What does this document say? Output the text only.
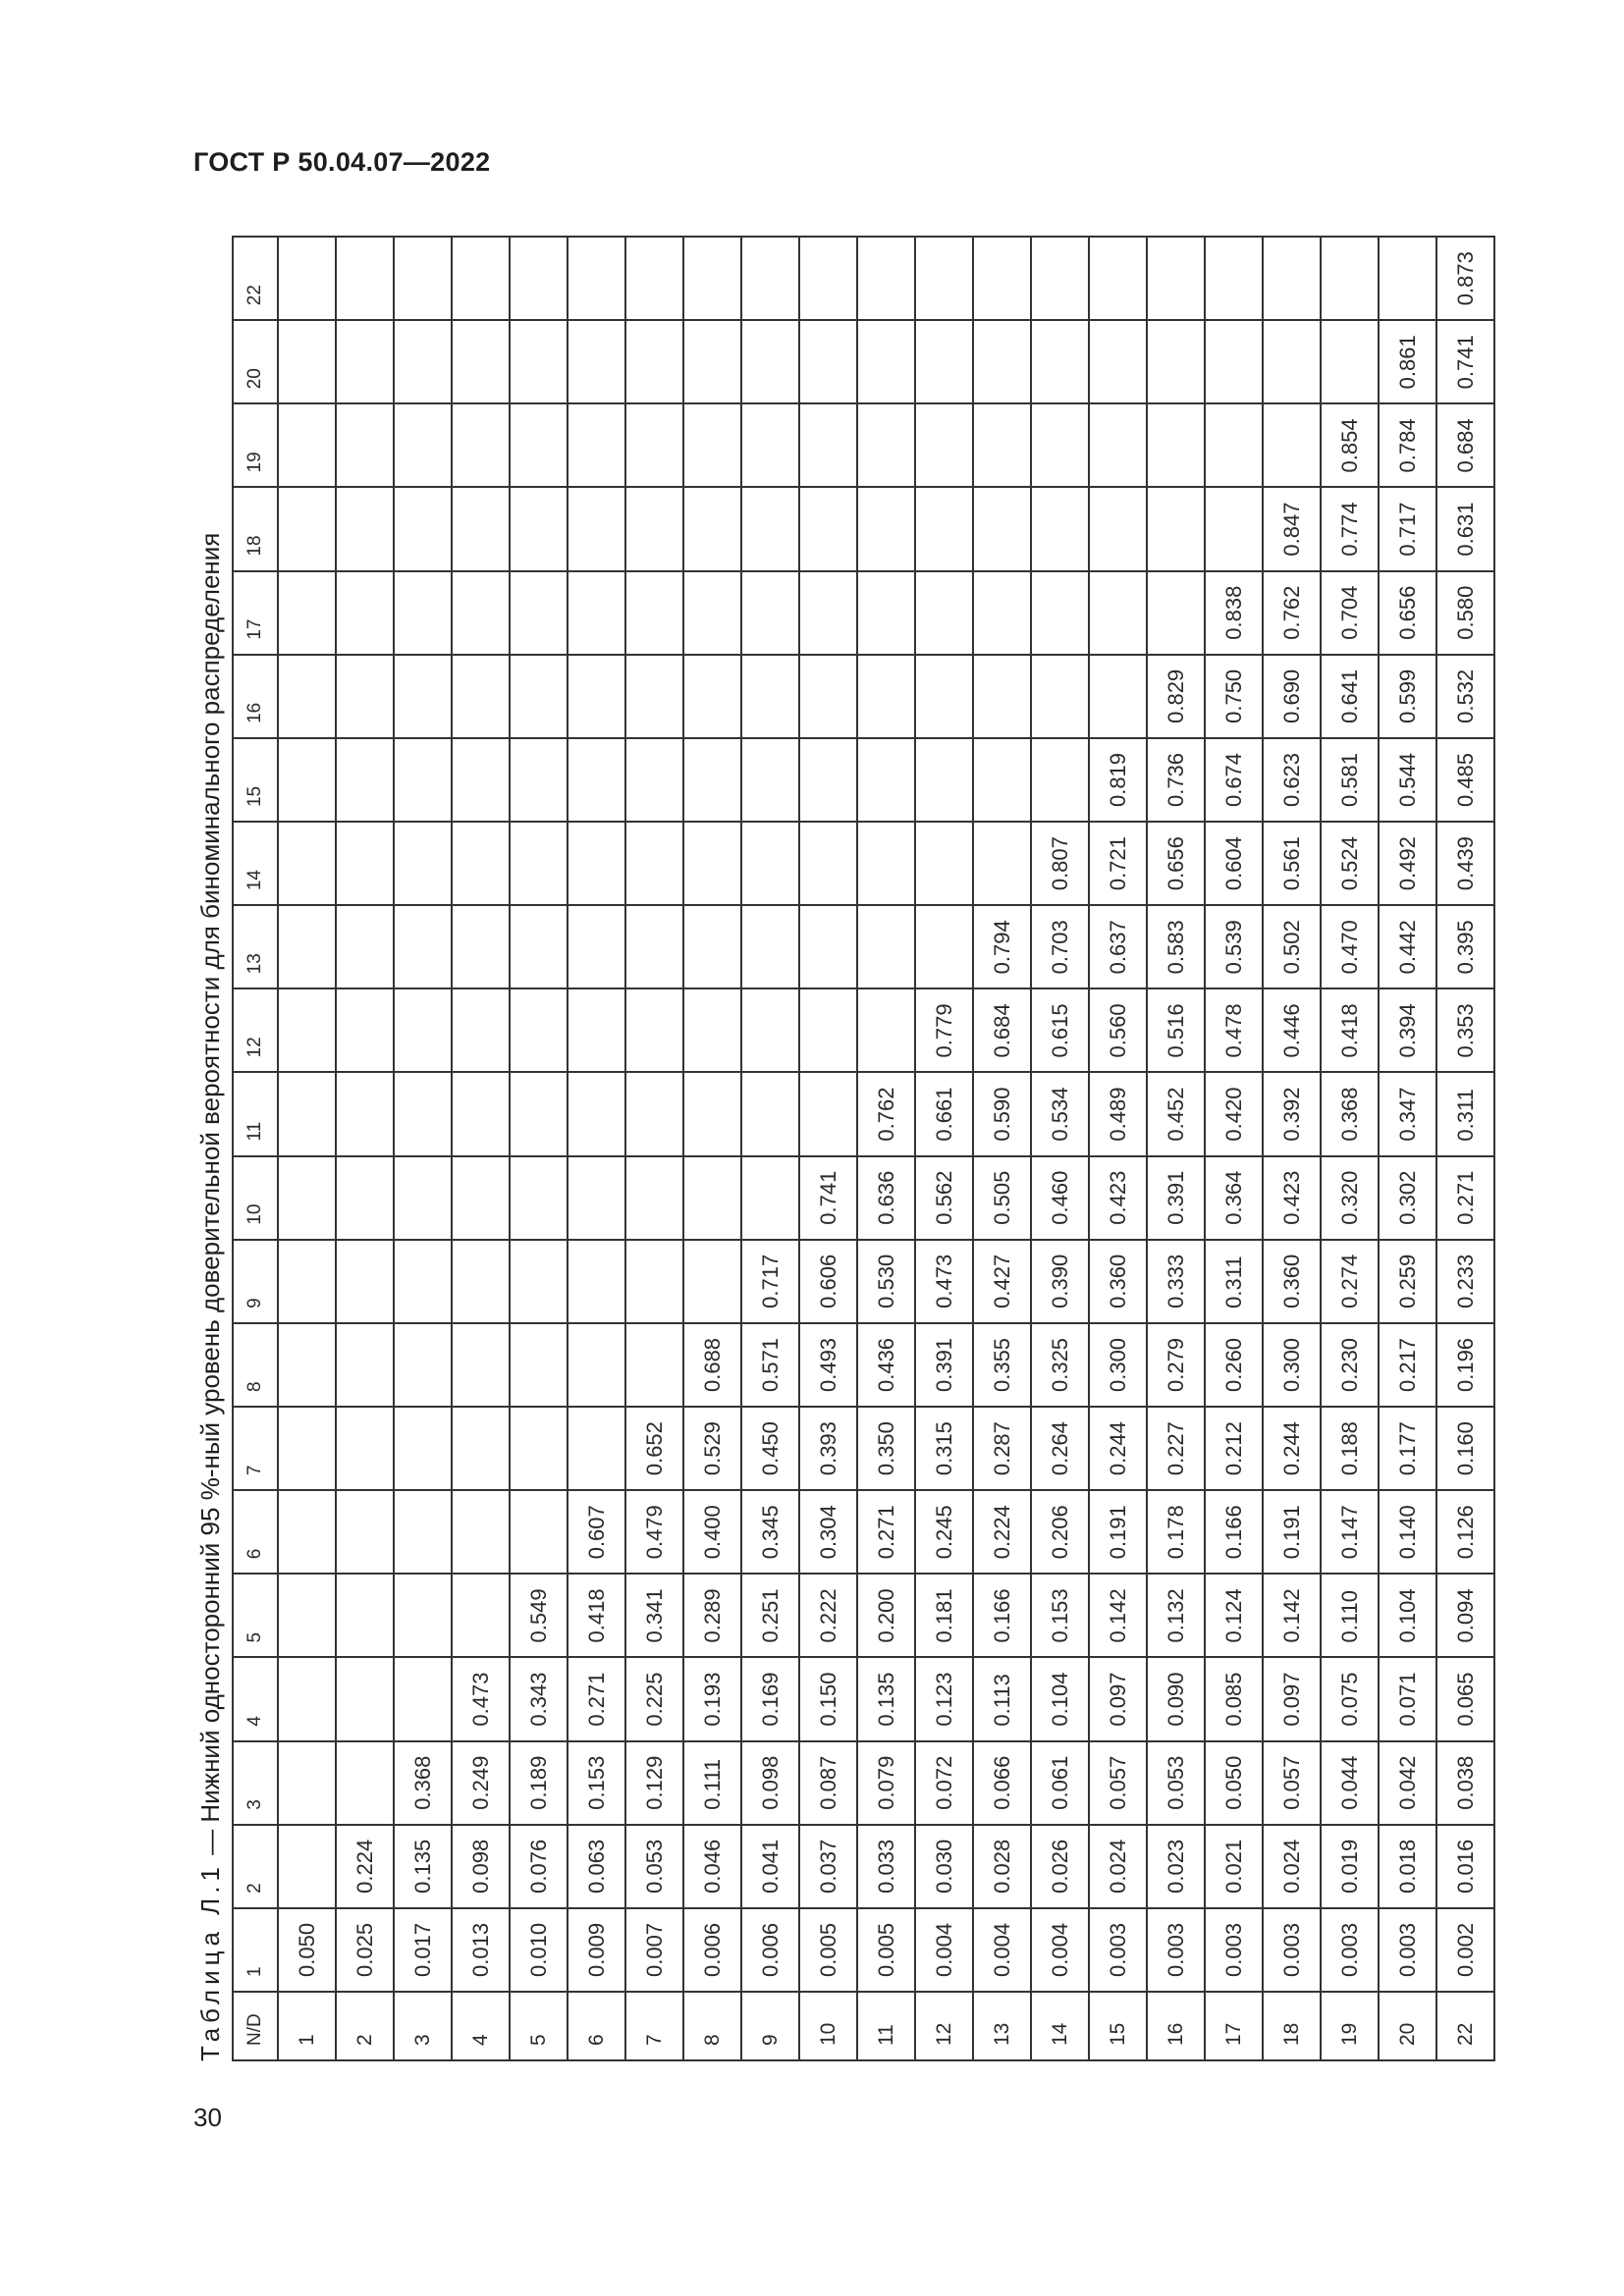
ГОСТ Р 50.04.07—2022
Таблица Л.1 — Нижний односторонний 95 %-ный уровень доверительной вероятности для биноминального распределения
N/D	1	2	3	4	5	6	7	8	9	10	11	12	13	14	15	16	17	18	19	20	22
1	0.050																				
2	0.025	0.224																			
3	0.017	0.135	0.368																		
4	0.013	0.098	0.249	0.473																	
5	0.010	0.076	0.189	0.343	0.549																
6	0.009	0.063	0.153	0.271	0.418	0.607															
7	0.007	0.053	0.129	0.225	0.341	0.479	0.652														
8	0.006	0.046	0.111	0.193	0.289	0.400	0.529	0.688													
9	0.006	0.041	0.098	0.169	0.251	0.345	0.450	0.571	0.717												
10	0.005	0.037	0.087	0.150	0.222	0.304	0.393	0.493	0.606	0.741											
11	0.005	0.033	0.079	0.135	0.200	0.271	0.350	0.436	0.530	0.636	0.762										
12	0.004	0.030	0.072	0.123	0.181	0.245	0.315	0.391	0.473	0.562	0.661	0.779									
13	0.004	0.028	0.066	0.113	0.166	0.224	0.287	0.355	0.427	0.505	0.590	0.684	0.794								
14	0.004	0.026	0.061	0.104	0.153	0.206	0.264	0.325	0.390	0.460	0.534	0.615	0.703	0.807							
15	0.003	0.024	0.057	0.097	0.142	0.191	0.244	0.300	0.360	0.423	0.489	0.560	0.637	0.721	0.819						
16	0.003	0.023	0.053	0.090	0.132	0.178	0.227	0.279	0.333	0.391	0.452	0.516	0.583	0.656	0.736	0.829					
17	0.003	0.021	0.050	0.085	0.124	0.166	0.212	0.260	0.311	0.364	0.420	0.478	0.539	0.604	0.674	0.750	0.838				
18	0.003	0.024	0.057	0.097	0.142	0.191	0.244	0.300	0.360	0.423	0.392	0.446	0.502	0.561	0.623	0.690	0.762	0.847			
19	0.003	0.019	0.044	0.075	0.110	0.147	0.188	0.230	0.274	0.320	0.368	0.418	0.470	0.524	0.581	0.641	0.704	0.774	0.854		
20	0.003	0.018	0.042	0.071	0.104	0.140	0.177	0.217	0.259	0.302	0.347	0.394	0.442	0.492	0.544	0.599	0.656	0.717	0.784	0.861	
22	0.002	0.016	0.038	0.065	0.094	0.126	0.160	0.196	0.233	0.271	0.311	0.353	0.395	0.439	0.485	0.532	0.580	0.631	0.684	0.741	0.873
30
